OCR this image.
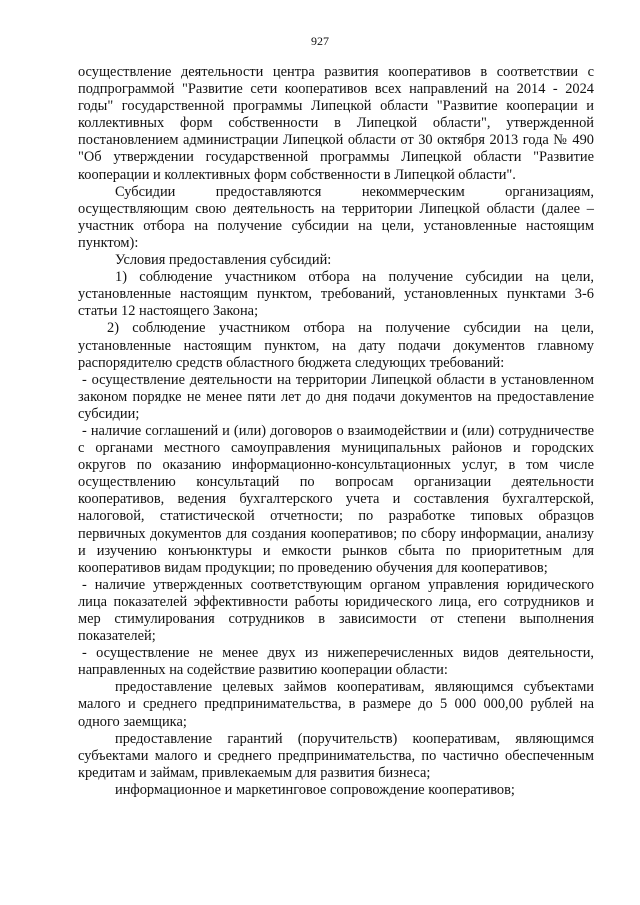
927

осуществление деятельности центра развития кооперативов в соответствии с подпрограммой "Развитие сети кооперативов всех направлений на 2014 - 2024 годы" государственной программы Липецкой области "Развитие кооперации и коллективных форм собственности в Липецкой области", утвержденной постановлением администрации Липецкой области от 30 октября 2013 года № 490 "Об утверждении государственной программы Липецкой области "Развитие кооперации и коллективных форм собственности в Липецкой области".

Субсидии предоставляются некоммерческим организациям, осуществляющим свою деятельность на территории Липецкой области (далее – участник отбора на получение субсидии на цели, установленные настоящим пунктом):

Условия предоставления субсидий:

1) соблюдение участником отбора на получение субсидии на цели, установленные настоящим пунктом, требований, установленных пунктами 3-6 статьи 12 настоящего Закона;

2) соблюдение участником отбора на получение субсидии на цели, установленные настоящим пунктом, на дату подачи документов главному распорядителю средств областного бюджета следующих требований:

- осуществление деятельности на территории Липецкой области в установленном законом порядке не менее пяти лет до дня подачи документов на предоставление субсидии;

- наличие соглашений и (или) договоров о взаимодействии и (или) сотрудничестве с органами местного самоуправления муниципальных районов и городских округов по оказанию информационно-консультационных услуг, в том числе осуществлению консультаций по вопросам организации деятельности кооперативов, ведения бухгалтерского учета и составления бухгалтерской, налоговой, статистической отчетности; по разработке типовых образцов первичных документов для создания кооперативов; по сбору информации, анализу и изучению конъюнктуры и емкости рынков сбыта по приоритетным для кооперативов видам продукции; по проведению обучения для кооперативов;

- наличие утвержденных соответствующим органом управления юридического лица показателей эффективности работы юридического лица, его сотрудников и мер стимулирования сотрудников в зависимости от степени выполнения показателей;

- осуществление не менее двух из нижеперечисленных видов деятельности, направленных на содействие развитию кооперации области:

предоставление целевых займов кооперативам, являющимся субъектами малого и среднего предпринимательства, в размере до 5 000 000,00 рублей на одного заемщика;

предоставление гарантий (поручительств) кооперативам, являющимся субъектами малого и среднего предпринимательства, по частично обеспеченным кредитам и займам, привлекаемым для развития бизнеса;

информационное и маркетинговое сопровождение кооперативов;
